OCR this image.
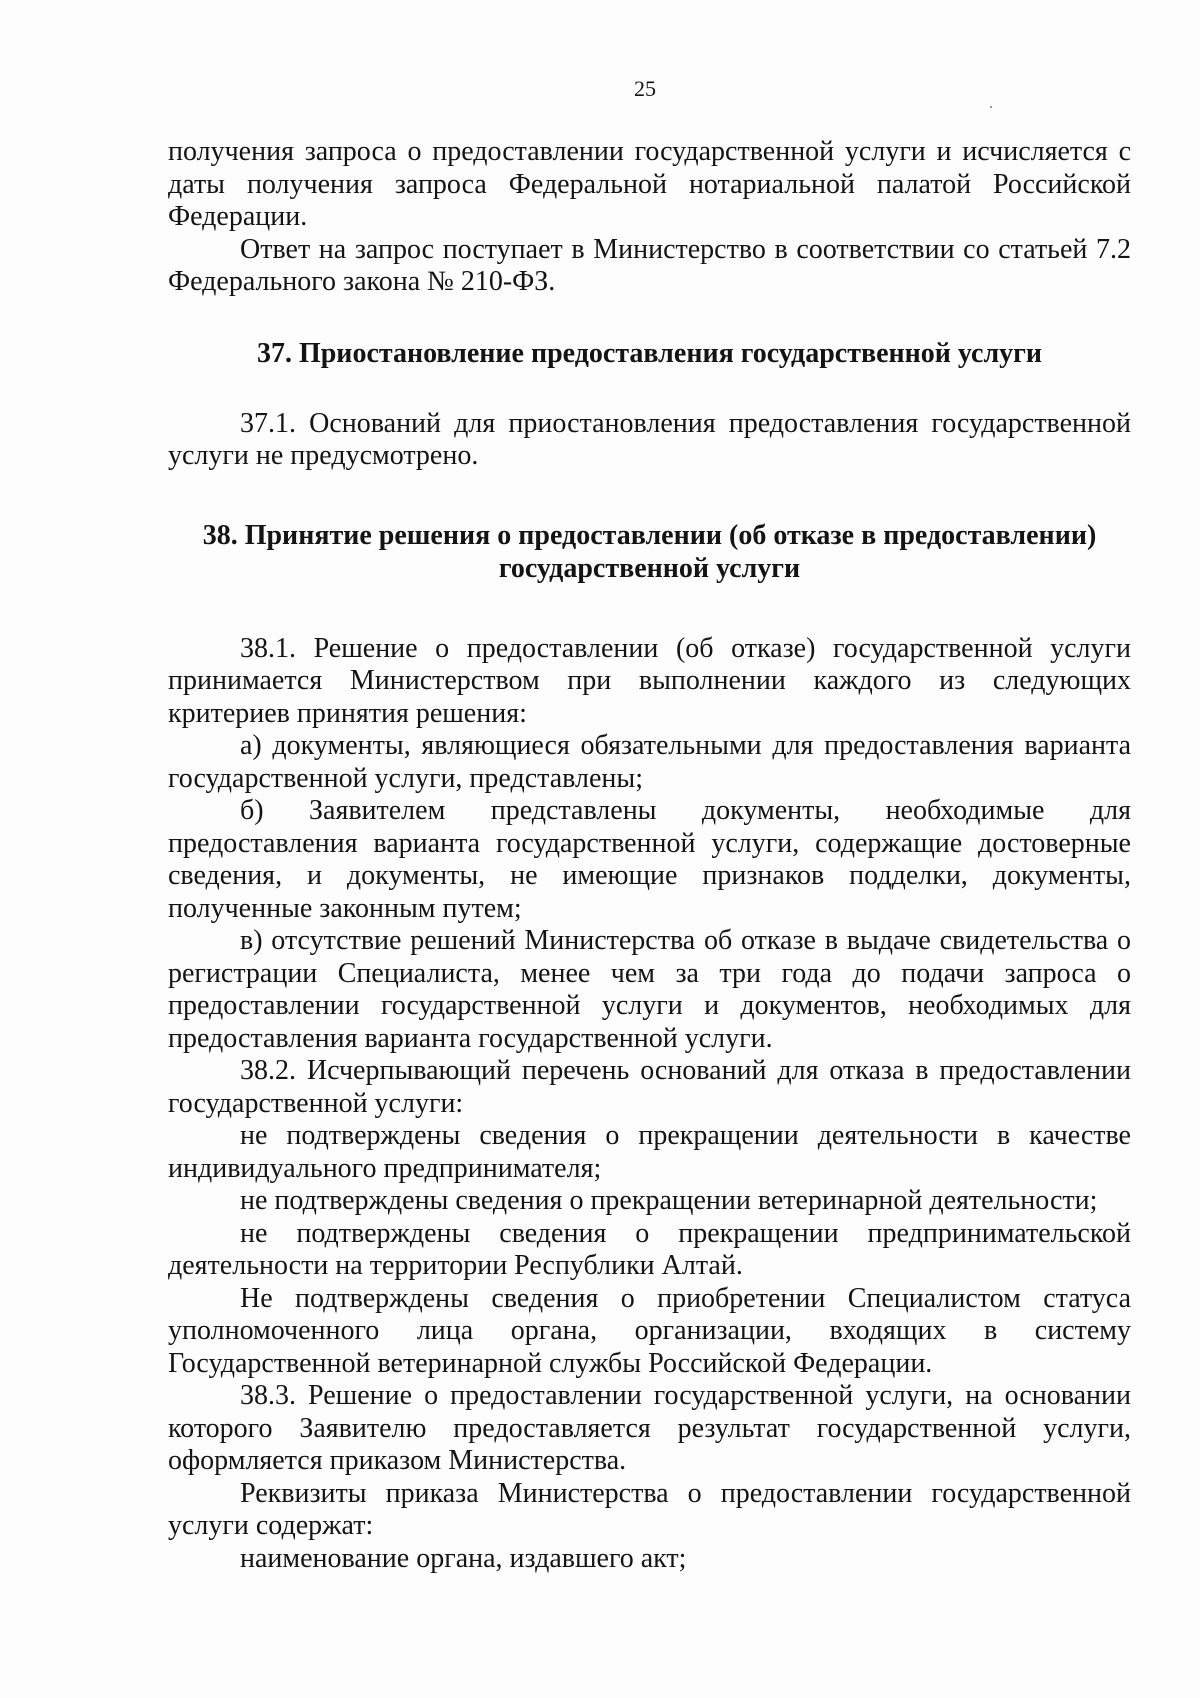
25

получения запроса о предоставлении государственной услуги и исчисляется с даты получения запроса Федеральной нотариальной палатой Российской Федерации.

Ответ на запрос поступает в Министерство в соответствии со статьей 7.2 Федерального закона № 210-ФЗ.

37. Приостановление предоставления государственной услуги

37.1. Оснований для приостановления предоставления государственной услуги не предусмотрено.

38. Принятие решения о предоставлении (об отказе в предоставлении)

государственной услуги

38.1. Решение о предоставлении (об отказе) государственной услуги принимается Министерством при выполнении каждого из следующих критериев принятия решения:

а) документы, являющиеся обязательными для предоставления варианта государственной услуги, представлены;

б) Заявителем представлены документы, необходимые для предоставления варианта государственной услуги, содержащие достоверные сведения, и документы, не имеющие признаков подделки, документы, полученные законным путем;

в) отсутствие решений Министерства об отказе в выдаче свидетельства о регистрации Специалиста, менее чем за три года до подачи запроса о предоставлении государственной услуги и документов, необходимых для предоставления варианта государственной услуги.

38.2. Исчерпывающий перечень оснований для отказа в предоставлении государственной услуги:

не подтверждены сведения о прекращении деятельности в качестве индивидуального предпринимателя;

не подтверждены сведения о прекращении ветеринарной деятельности;

не подтверждены сведения о прекращении предпринимательской деятельности на территории Республики Алтай.

Не подтверждены сведения о приобретении Специалистом статуса уполномоченного лица органа, организации, входящих в систему Государственной ветеринарной службы Российской Федерации.

38.3. Решение о предоставлении государственной услуги, на основании которого Заявителю предоставляется результат государственной услуги, оформляется приказом Министерства.

Реквизиты приказа Министерства о предоставлении государственной услуги содержат:

наименование органа, издавшего акт;
